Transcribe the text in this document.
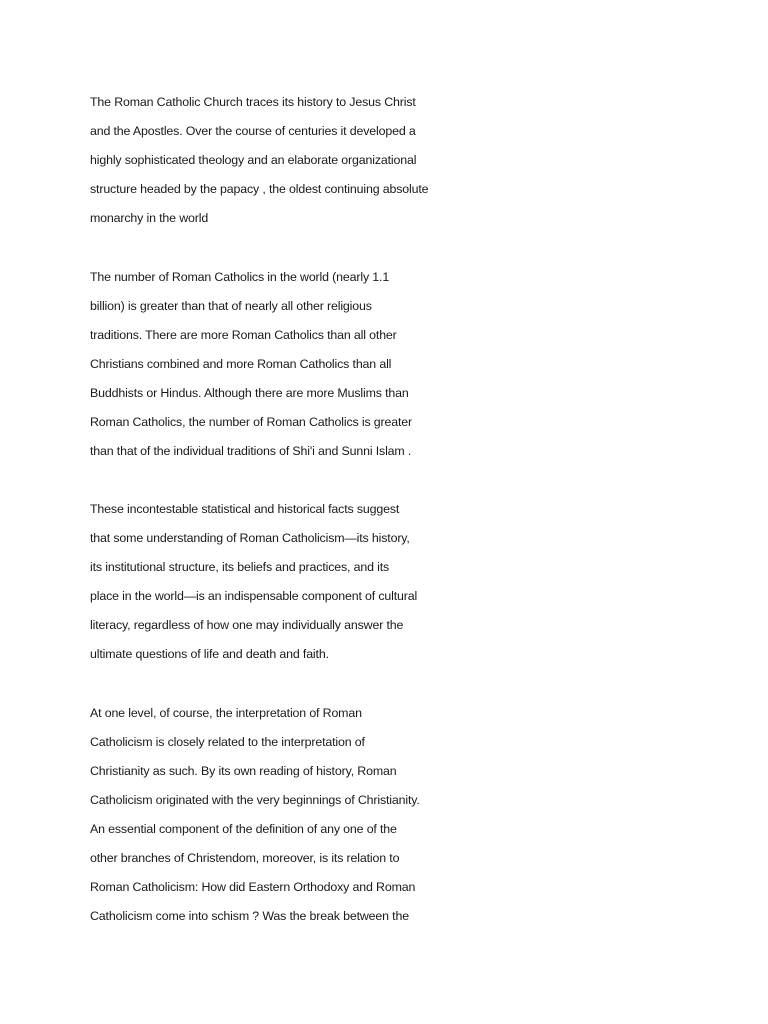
The Roman Catholic Church traces its history to Jesus Christ
and the Apostles. Over the course of centuries it developed a
highly sophisticated theology and an elaborate organizational
structure headed by the papacy , the oldest continuing absolute
monarchy in the world
The number of Roman Catholics in the world (nearly 1.1
billion) is greater than that of nearly all other religious
traditions. There are more Roman Catholics than all other
Christians combined and more Roman Catholics than all
Buddhists or Hindus. Although there are more Muslims than
Roman Catholics, the number of Roman Catholics is greater
than that of the individual traditions of Shi'i and Sunni Islam .
These incontestable statistical and historical facts suggest
that some understanding of Roman Catholicism—its history,
its institutional structure, its beliefs and practices, and its
place in the world—is an indispensable component of cultural
literacy, regardless of how one may individually answer the
ultimate questions of life and death and faith.
At one level, of course, the interpretation of Roman
Catholicism is closely related to the interpretation of
Christianity as such. By its own reading of history, Roman
Catholicism originated with the very beginnings of Christianity.
An essential component of the definition of any one of the
other branches of Christendom, moreover, is its relation to
Roman Catholicism: How did Eastern Orthodoxy and Roman
Catholicism come into schism ? Was the break between the
